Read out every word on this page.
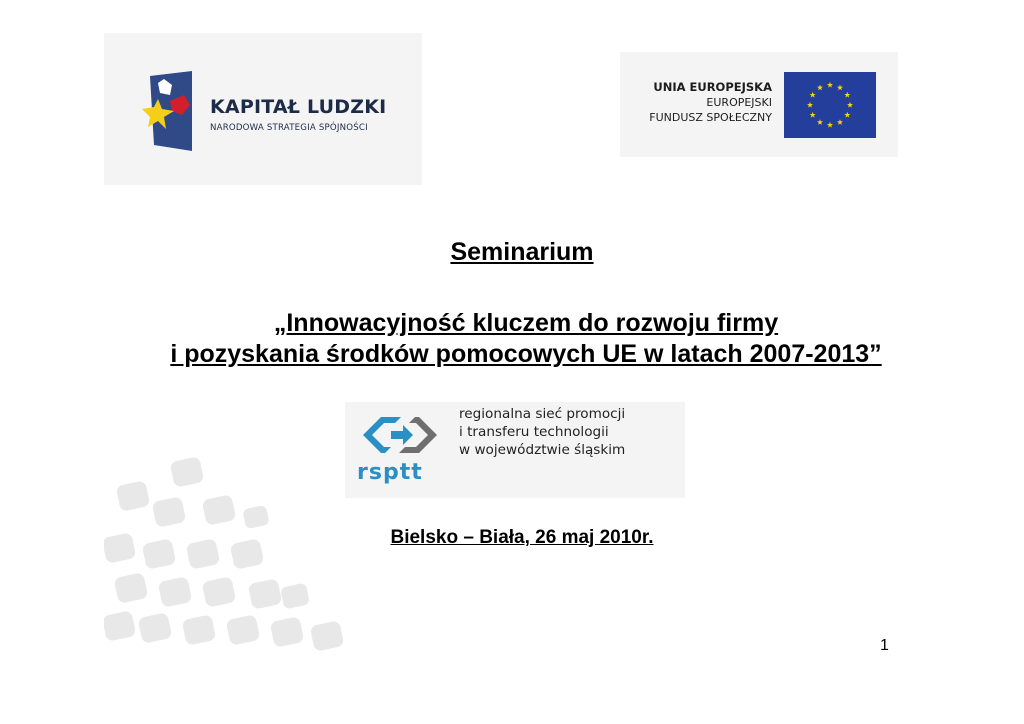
KAPITAŁ LUDZKI
NARODOWA STRATEGIA SPÓJNOŚCI
UNIA EUROPEJSKA
EUROPEJSKI
FUNDUSZ SPOŁECZNY
Seminarium
„Innowacyjność kluczem do rozwoju firmy
i pozyskania środków pomocowych UE w latach 2007-2013”
rsptt
regionalna sieć promocji
i transferu technologii
w województwie śląskim
Bielsko – Biała, 26 maj 2010r.
1
